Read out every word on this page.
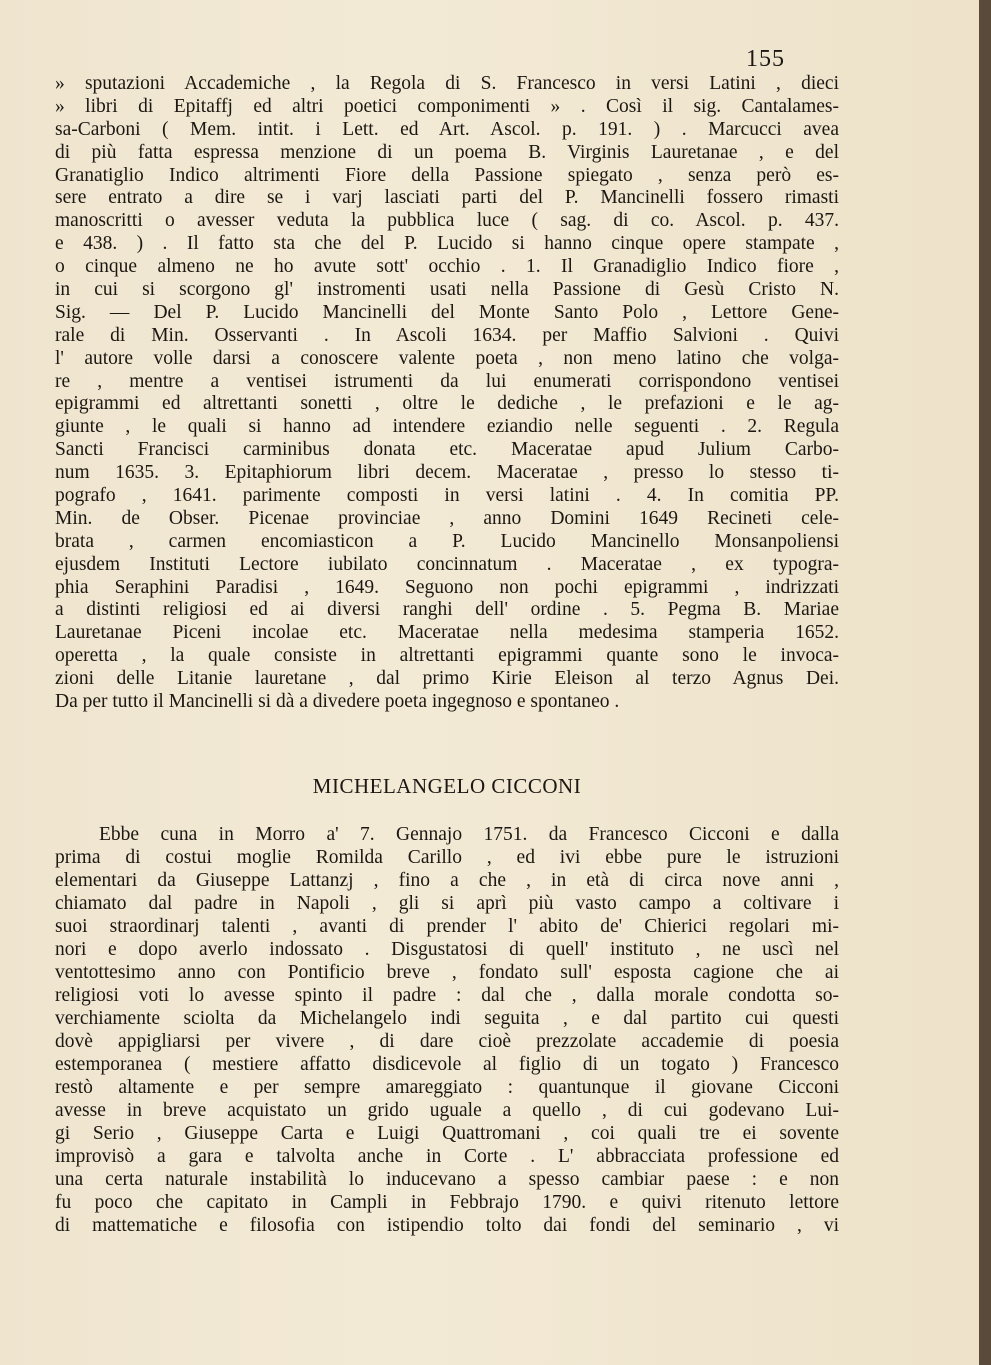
155
» sputazioni Accademiche , la Regola di S. Francesco in versi Latini , dieci
» libri di Epitaffj ed altri poetici componimenti » . Così il sig. Cantalames-
sa-Carboni ( Mem. intit. i Lett. ed Art. Ascol. p. 191. ) . Marcucci avea
di più fatta espressa menzione di un poema B. Virginis Lauretanae , e del
Granatiglio Indico altrimenti Fiore della Passione spiegato , senza però es-
sere entrato a dire se i varj lasciati parti del P. Mancinelli fossero rimasti
manoscritti o avesser veduta la pubblica luce ( sag. di co. Ascol. p. 437.
e 438. ) . Il fatto sta che del P. Lucido si hanno cinque opere stampate ,
o cinque almeno ne ho avute sott' occhio . 1. Il Granadiglio Indico fiore ,
in cui si scorgono gl' instromenti usati nella Passione di Gesù Cristo N.
Sig. — Del P. Lucido Mancinelli del Monte Santo Polo , Lettore Gene-
rale di Min. Osservanti . In Ascoli 1634. per Maffio Salvioni . Quivi
l' autore volle darsi a conoscere valente poeta , non meno latino che volga-
re , mentre a ventisei istrumenti da lui enumerati corrispondono ventisei
epigrammi ed altrettanti sonetti , oltre le dediche , le prefazioni e le ag-
giunte , le quali si hanno ad intendere eziandio nelle seguenti . 2. Regula
Sancti Francisci carminibus donata etc. Maceratae apud Julium Carbo-
num 1635. 3. Epitaphiorum libri decem. Maceratae , presso lo stesso ti-
pografo , 1641. parimente composti in versi latini . 4. In comitia PP.
Min. de Obser. Picenae provinciae , anno Domini 1649 Recineti cele-
brata , carmen encomiasticon a P. Lucido Mancinello Monsanpoliensi
ejusdem Instituti Lectore iubilato concinnatum . Maceratae , ex typogra-
phia Seraphini Paradisi , 1649. Seguono non pochi epigrammi , indrizzati
a distinti religiosi ed ai diversi ranghi dell' ordine . 5. Pegma B. Mariae
Lauretanae Piceni incolae etc. Maceratae nella medesima stamperia 1652.
operetta , la quale consiste in altrettanti epigrammi quante sono le invoca-
zioni delle Litanie lauretane , dal primo Kirie Eleison al terzo Agnus Dei.
Da per tutto il Mancinelli si dà a divedere poeta ingegnoso e spontaneo .
MICHELANGELO CICCONI
Ebbe cuna in Morro a' 7. Gennajo 1751. da Francesco Cicconi e dalla
prima di costui moglie Romilda Carillo , ed ivi ebbe pure le istruzioni
elementari da Giuseppe Lattanzj , fino a che , in età di circa nove anni ,
chiamato dal padre in Napoli , gli si aprì più vasto campo a coltivare i
suoi straordinarj talenti , avanti di prender l' abito de' Chierici regolari mi-
nori e dopo averlo indossato . Disgustatosi di quell' instituto , ne uscì nel
ventottesimo anno con Pontificio breve , fondato sull' esposta cagione che ai
religiosi voti lo avesse spinto il padre : dal che , dalla morale condotta so-
verchiamente sciolta da Michelangelo indi seguita , e dal partito cui questi
dovè appigliarsi per vivere , di dare cioè prezzolate accademie di poesia
estemporanea ( mestiere affatto disdicevole al figlio di un togato ) Francesco
restò altamente e per sempre amareggiato : quantunque il giovane Cicconi
avesse in breve acquistato un grido uguale a quello , di cui godevano Lui-
gi Serio , Giuseppe Carta e Luigi Quattromani , coi quali tre ei sovente
improvisò a gara e talvolta anche in Corte . L' abbracciata professione ed
una certa naturale instabilità lo inducevano a spesso cambiar paese : e non
fu poco che capitato in Campli in Febbrajo 1790. e quivi ritenuto lettore
di mattematiche e filosofia con istipendio tolto dai fondi del seminario , vi
